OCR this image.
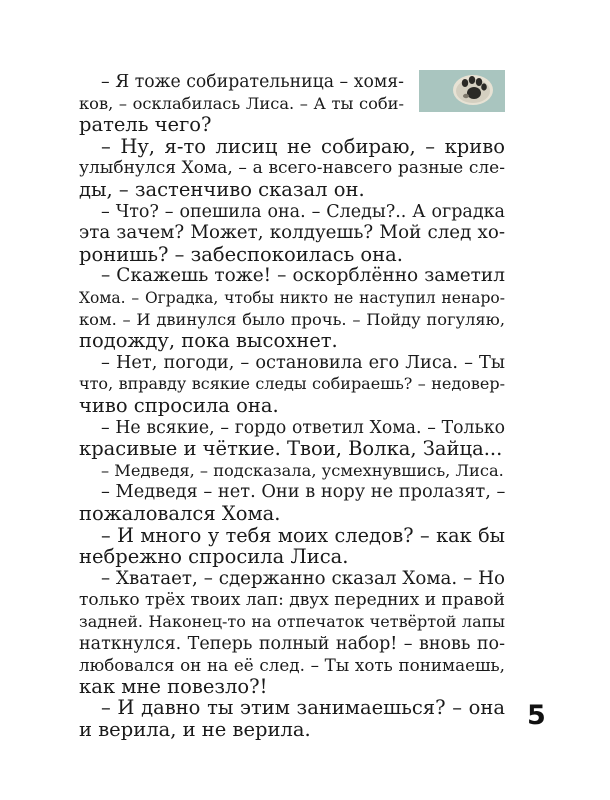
– Я тоже собирательница – хомя-
ков, – осклабилась Лиса. – А ты соби-
ратель чего?
– Ну, я-то лисиц не собираю, – криво
улыбнулся Хома, – а всего-навсего разные сле-
ды, – застенчиво сказал он.
– Что? – опешила она. – Следы?.. А оградка
эта зачем? Может, колдуешь? Мой след хо-
ронишь? – забеспокоилась она.
– Скажешь тоже! – оскорблённо заметил
Хома. – Оградка, чтобы никто не наступил ненаро-
ком. – И двинулся было прочь. – Пойду погуляю,
подожду, пока высохнет.
– Нет, погоди, – остановила его Лиса. – Ты
что, вправду всякие следы собираешь? – недовер-
чиво спросила она.
– Не всякие, – гордо ответил Хома. – Только
красивые и чёткие. Твои, Волка, Зайца...
– Медведя, – подсказала, усмехнувшись, Лиса.
– Медведя – нет. Они в нору не пролазят, –
пожаловался Хома.
– И много у тебя моих следов? – как бы
небрежно спросила Лиса.
– Хватает, – сдержанно сказал Хома. – Но
только трёх твоих лап: двух передних и правой
задней. Наконец-то на отпечаток четвёртой лапы
наткнулся. Теперь полный набор! – вновь по-
любовался он на её след. – Ты хоть понимаешь,
как мне повезло?!
– И давно ты этим занимаешься? – она
и верила, и не верила.	5
